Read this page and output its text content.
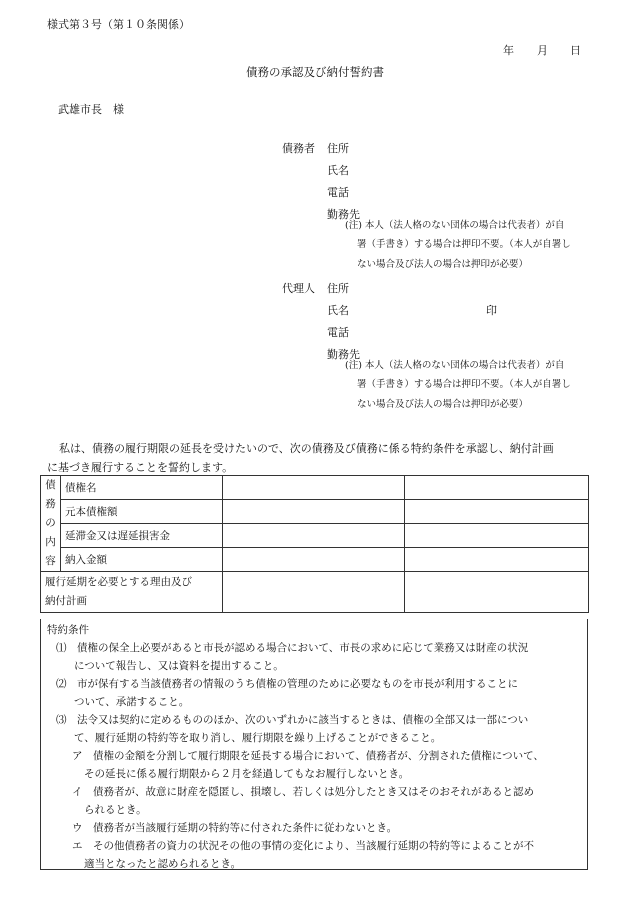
様式第３号（第１０条関係）
年 月 日
債務の承認及び納付誓約書
武雄市長　様
債務者 住所
氏名
電話
勤務先
(注) 本人（法人格のない団体の場合は代表者）が自
署（手書き）する場合は押印不要。（本人が自署し
ない場合及び法人の場合は押印が必要）
代理人 住所
氏名	印
電話
勤務先
(注) 本人（法人格のない団体の場合は代表者）が自
署（手書き）する場合は押印不要。（本人が自署し
ない場合及び法人の場合は押印が必要）
私は、債務の履行期限の延長を受けたいので、次の債務及び債務に係る特約条件を承認し、納付計画
に基づき履行することを誓約します。
債
務
の
内
容	債権名		
	元本債権額		
	延滞金又は遅延損害金		
	納入金額		
履行延期を必要とする理由及び
納付計画			
特約条件
⑴　債権の保全上必要があると市長が認める場合において、市長の求めに応じて業務又は財産の状況
について報告し、又は資料を提出すること。
⑵　市が保有する当該債務者の情報のうち債権の管理のために必要なものを市長が利用することに
ついて、承諾すること。
⑶　法令又は契約に定めるもののほか、次のいずれかに該当するときは、債権の全部又は一部につい
て、履行延期の特約等を取り消し、履行期限を繰り上げることができること。
ア　債権の金額を分割して履行期限を延長する場合において、債務者が、分割された債権について、
その延長に係る履行期限から２月を経過してもなお履行しないとき。
イ　債務者が、故意に財産を隠匿し、損壊し、若しくは処分したとき又はそのおそれがあると認め
られるとき。
ウ　債務者が当該履行延期の特約等に付された条件に従わないとき。
エ　その他債務者の資力の状況その他の事情の変化により、当該履行延期の特約等によることが不
適当となったと認められるとき。
